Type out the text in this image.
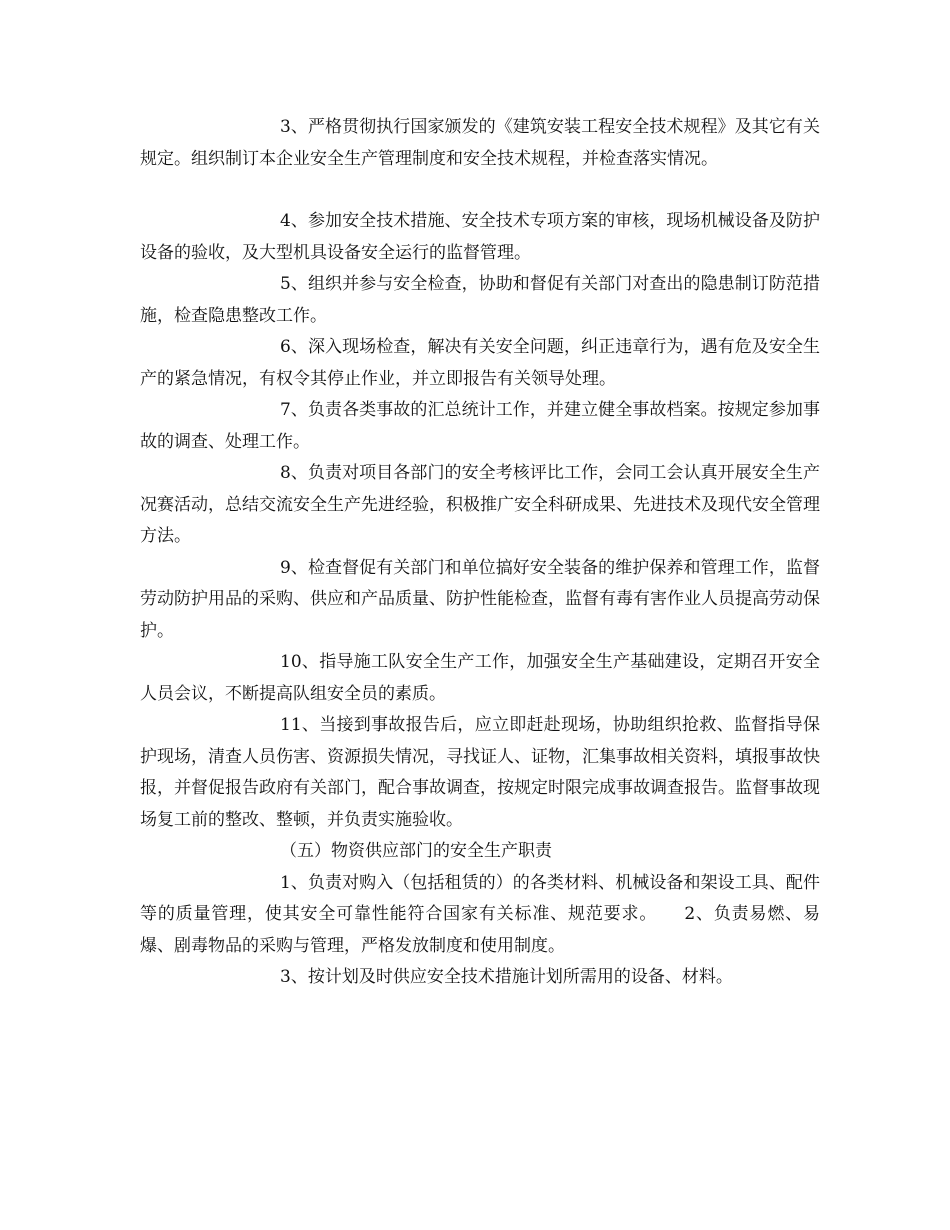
3、严格贯彻执行国家颁发的《建筑安装工程安全技术规程》及其它有关规定。组织制订本企业安全生产管理制度和安全技术规程，并检查落实情况。

4、参加安全技术措施、安全技术专项方案的审核，现场机械设备及防护设备的验收，及大型机具设备安全运行的监督管理。

5、组织并参与安全检查，协助和督促有关部门对查出的隐患制订防范措施，检查隐患整改工作。

6、深入现场检查，解决有关安全问题，纠正违章行为，遇有危及安全生产的紧急情况，有权令其停止作业，并立即报告有关领导处理。

7、负责各类事故的汇总统计工作，并建立健全事故档案。按规定参加事故的调查、处理工作。

8、负责对项目各部门的安全考核评比工作，会同工会认真开展安全生产况赛活动，总结交流安全生产先进经验，积极推广安全科研成果、先进技术及现代安全管理方法。

9、检查督促有关部门和单位搞好安全装备的维护保养和管理工作，监督劳动防护用品的采购、供应和产品质量、防护性能检查，监督有毒有害作业人员提高劳动保护。

10、指导施工队安全生产工作，加强安全生产基础建设，定期召开安全人员会议，不断提高队组安全员的素质。

11、当接到事故报告后，应立即赶赴现场，协助组织抢救、监督指导保护现场，清查人员伤害、资源损失情况，寻找证人、证物，汇集事故相关资料，填报事故快报，并督促报告政府有关部门，配合事故调查，按规定时限完成事故调查报告。监督事故现场复工前的整改、整顿，并负责实施验收。

（五）物资供应部门的安全生产职责

1、负责对购入（包括租赁的）的各类材料、机械设备和架设工具、配件等的质量管理，使其安全可靠性能符合国家有关标准、规范要求。　　2、负责易燃、易爆、剧毒物品的采购与管理，严格发放制度和使用制度。

3、按计划及时供应安全技术措施计划所需用的设备、材料。
